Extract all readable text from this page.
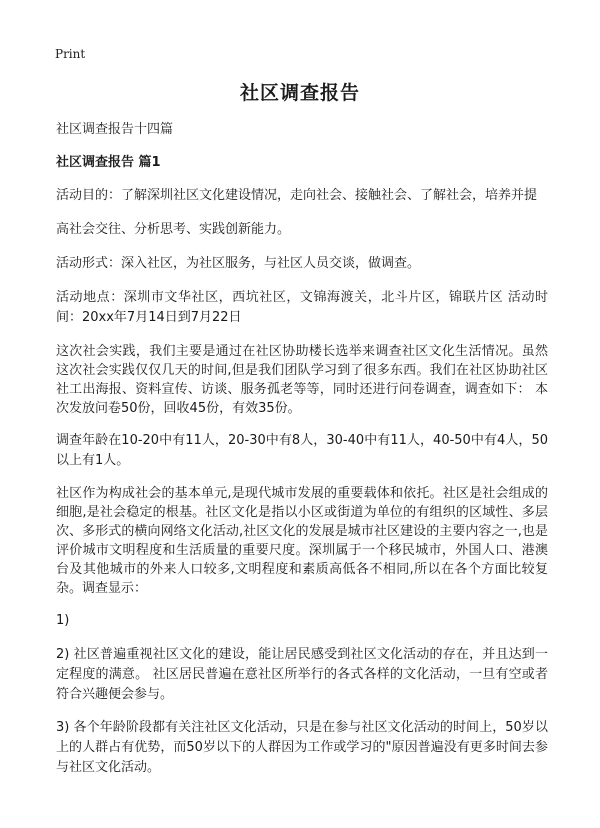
Print
社区调查报告

社区调查报告十四篇

社区调查报告 篇1

活动目的：了解深圳社区文化建设情况，走向社会、接触社会、了解社会，培养并提

高社会交往、分析思考、实践创新能力。

活动形式：深入社区，为社区服务，与社区人员交谈，做调查。

活动地点：深圳市文华社区，西坑社区，文锦海渡关，北斗片区，锦联片区 活动时间：20xx年7月14日到7月22日

这次社会实践，我们主要是通过在社区协助楼长选举来调查社区文化生活情况。虽然这次社会实践仅仅几天的时间,但是我们团队学习到了很多东西。我们在社区协助社区社工出海报、资料宣传、访谈、服务孤老等等，同时还进行问卷调查，调查如下： 本次发放问卷50份，回收45份，有效35份。

调查年龄在10-20中有11人，20-30中有8人，30-40中有11人，40-50中有4人，50以上有1人。

社区作为构成社会的基本单元,是现代城市发展的重要载体和依托。社区是社会组成的细胞,是社会稳定的根基。社区文化是指以小区或街道为单位的有组织的区域性、多层次、多形式的横向网络文化活动,社区文化的发展是城市社区建设的主要内容之一,也是评价城市文明程度和生活质量的重要尺度。深圳属于一个移民城市，外国人口、港澳台及其他城市的外来人口较多,文明程度和素质高低各不相同,所以在各个方面比较复杂。调查显示：

1)

2) 社区普遍重视社区文化的建设，能让居民感受到社区文化活动的存在，并且达到一定程度的满意。 社区居民普遍在意社区所举行的各式各样的文化活动，一旦有空或者符合兴趣便会参与。

3) 各个年龄阶段都有关注社区文化活动，只是在参与社区文化活动的时间上，50岁以上的人群占有优势，而50岁以下的人群因为工作或学习的"原因普遍没有更多时间去参与社区文化活动。
